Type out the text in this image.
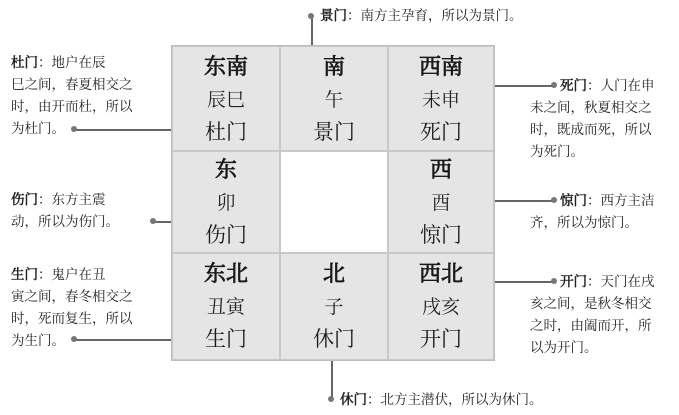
东南
辰巳
杜门
南
午
景门
西南
未申
死门
东
卯
伤门
西
酉
惊门
东北
丑寅
生门
北
子
休门
西北
戌亥
开门
景门：南方主孕育，所以为景门。
杜门：地户在辰
巳之间，春夏相交之
时，由开而杜，所以
为杜门。
伤门：东方主震
动，所以为伤门。
生门：鬼户在丑
寅之间，春冬相交之
时，死而复生，所以
为生门。
死门：人门在申
未之间，秋夏相交之
时，既成而死，所以
为死门。
惊门：西方主洁
齐，所以为惊门。
开门：天门在戌
亥之间，是秋冬相交
之时，由阖而开，所
以为开门。
休门：北方主潜伏，所以为休门。
